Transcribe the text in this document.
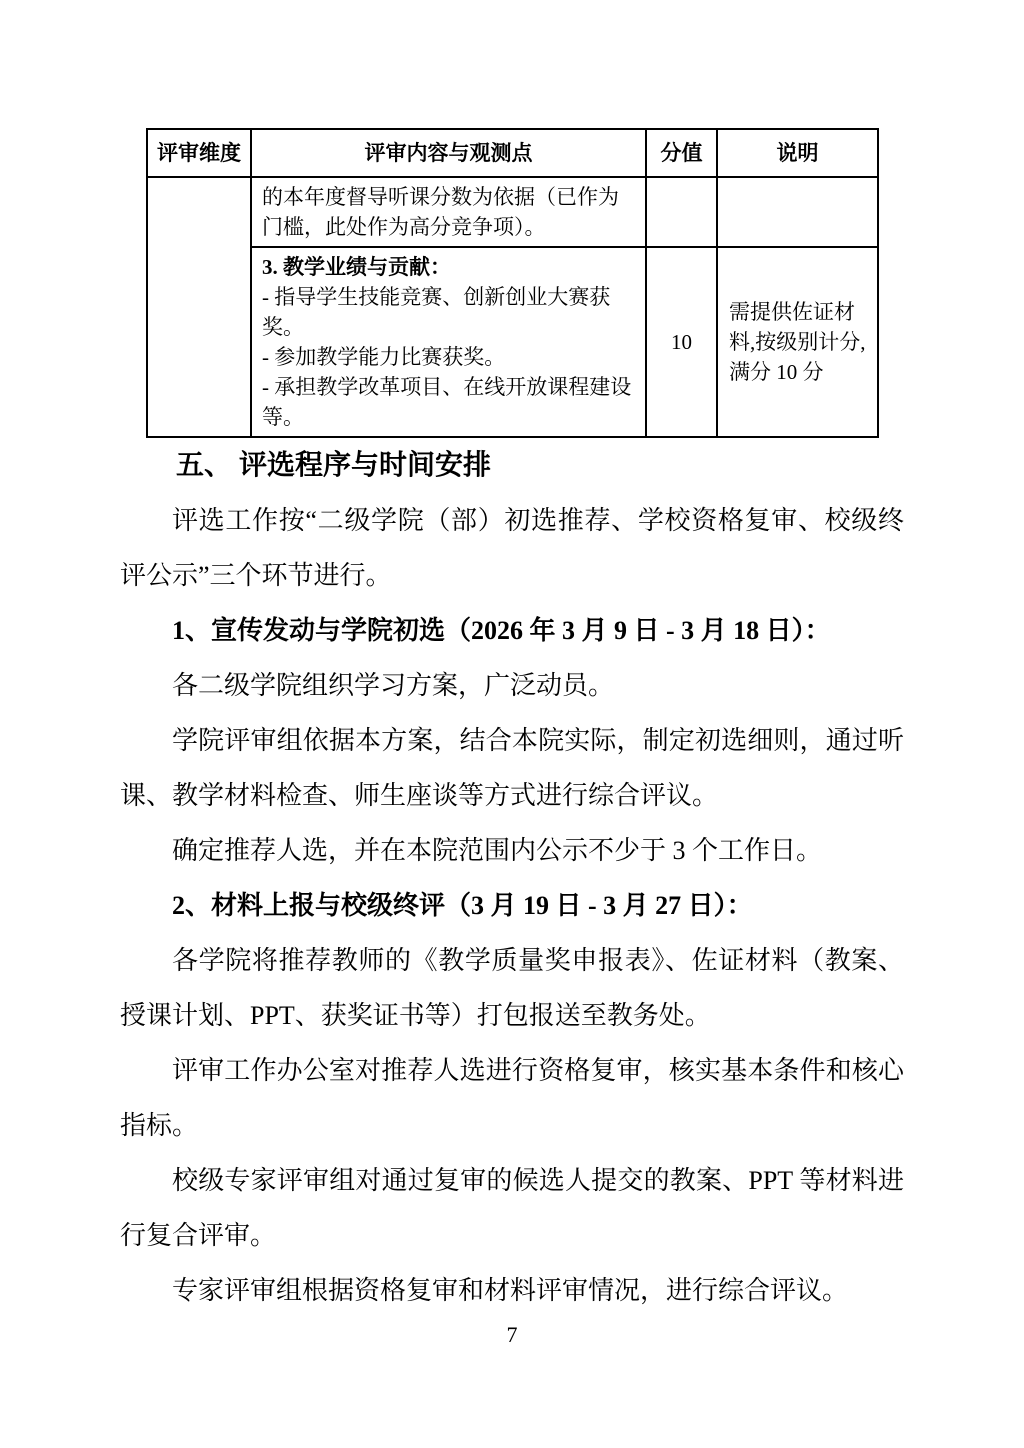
评审维度	评审内容与观测点	分值	说明
	的本年度督导听课分数为依据（已作为门槛，此处作为高分竞争项）。		

	3. 教学业绩与贡献：
- 指导学生技能竞赛、创新创业大赛获奖。
- 参加教学能力比赛获奖。
- 承担教学改革项目、在线开放课程建设等。	10	需提供佐证材料,按级别计分,满分 10 分
五、 评选程序与时间安排

评选工作按“二级学院（部）初选推荐、学校资格复审、校级终评公示”三个环节进行。

1、宣传发动与学院初选（2026 年 3 月 9 日 - 3 月 18 日）：

各二级学院组织学习方案，广泛动员。

学院评审组依据本方案，结合本院实际，制定初选细则，通过听课、教学材料检查、师生座谈等方式进行综合评议。

确定推荐人选，并在本院范围内公示不少于 3 个工作日。

2、材料上报与校级终评（3 月 19 日 - 3 月 27 日）：

各学院将推荐教师的《教学质量奖申报表》、佐证材料（教案、授课计划、PPT、获奖证书等）打包报送至教务处。

评审工作办公室对推荐人选进行资格复审，核实基本条件和核心指标。

校级专家评审组对通过复审的候选人提交的教案、PPT 等材料进行复合评审。

专家评审组根据资格复审和材料评审情况，进行综合评议。

7
